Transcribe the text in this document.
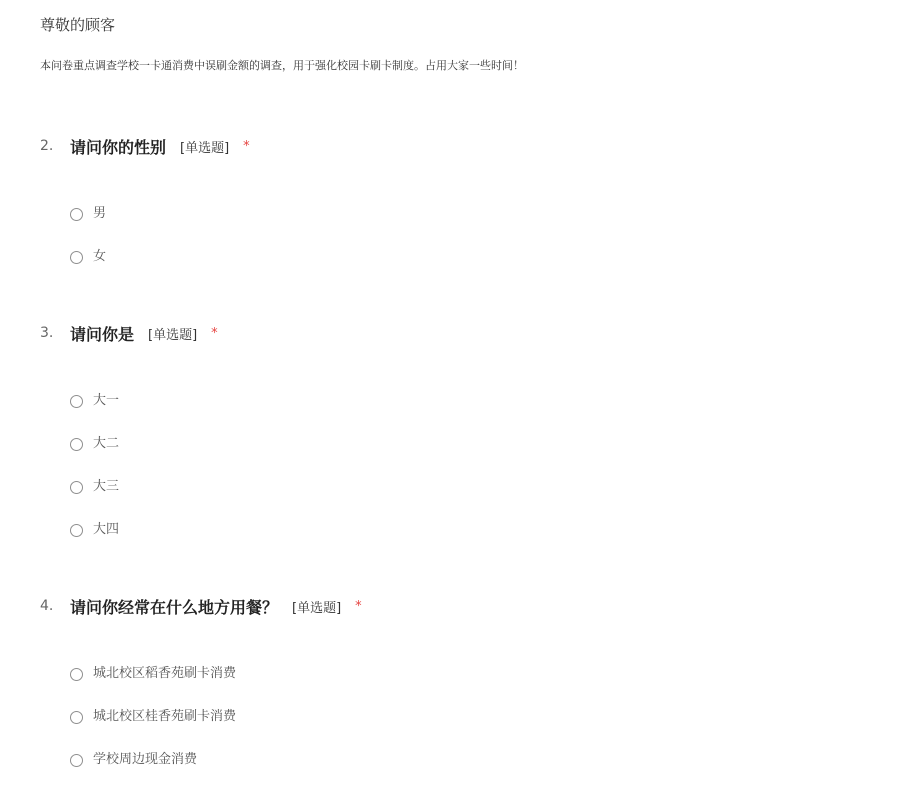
尊敬的顾客
本问卷重点调查学校一卡通消费中误刷金额的调查，用于强化校园卡刷卡制度。占用大家一些时间！
2.	请问你的性别 [单选题] *
男
女
3.	请问你是 [单选题] *
大一
大二
大三
大四
4.	请问你经常在什么地方用餐？ [单选题] *
城北校区稻香苑刷卡消费
城北校区桂香苑刷卡消费
学校周边现金消费
